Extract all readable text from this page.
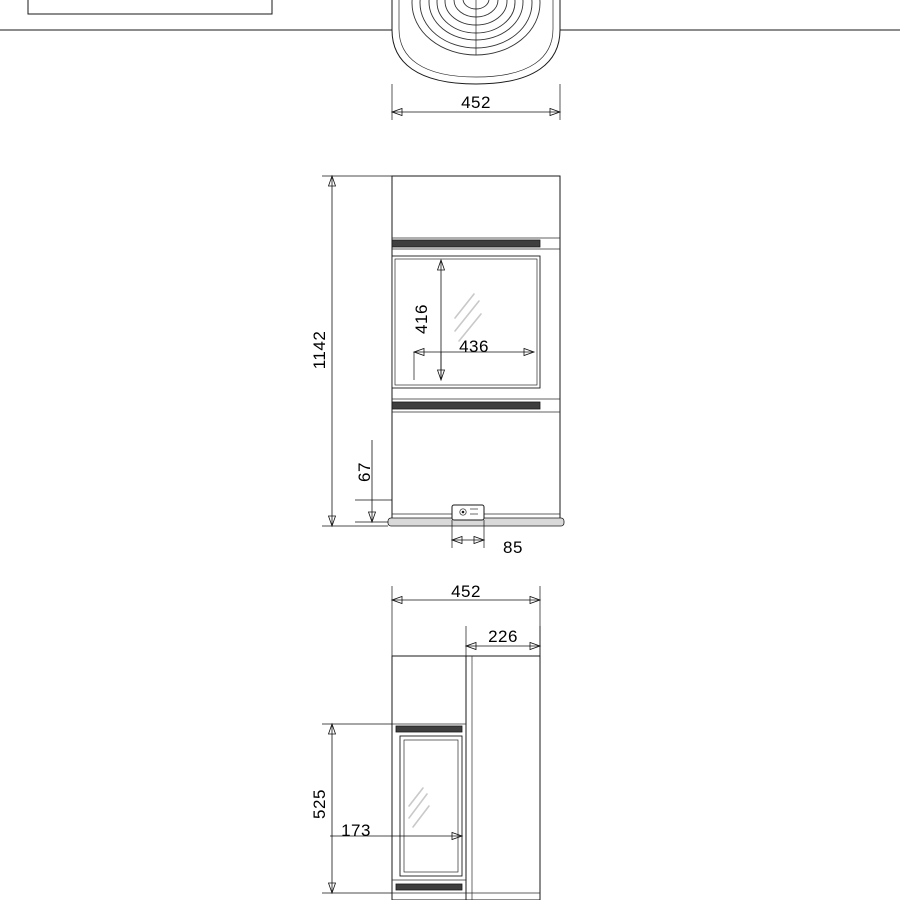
452
1142
416
436
67
85
452
226
525
173
